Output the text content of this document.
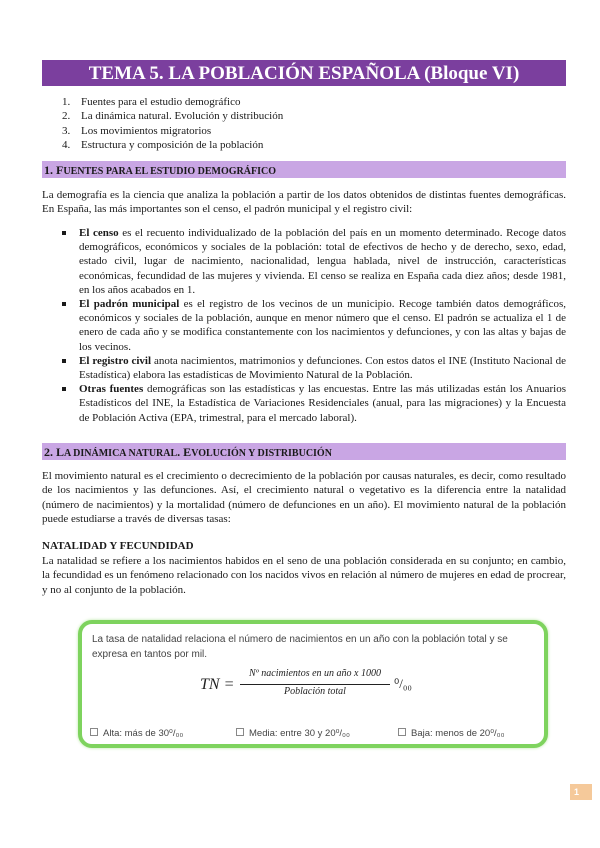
TEMA 5. LA POBLACIÓN ESPAÑOLA (Bloque VI)
1. Fuentes para el estudio demográfico
2. La dinámica natural. Evolución y distribución
3. Los movimientos migratorios
4. Estructura y composición de la población
1. FUENTES PARA EL ESTUDIO DEMOGRÁFICO

La demografía es la ciencia que analiza la población a partir de los datos obtenidos de distintas fuentes demográficas. En España, las más importantes son el censo, el padrón municipal y el registro civil:

El censo es el recuento individualizado de la población del país en un momento determinado. Recoge datos demográficos, económicos y sociales de la población: total de efectivos de hecho y de derecho, sexo, edad, estado civil, lugar de nacimiento, nacionalidad, lengua hablada, nivel de instrucción, características económicas, fecundidad de las mujeres y vivienda. El censo se realiza en España cada diez años; desde 1981, en los años acabados en 1.
El padrón municipal es el registro de los vecinos de un municipio. Recoge también datos demográficos, económicos y sociales de la población, aunque en menor número que el censo. El padrón se actualiza el 1 de enero de cada año y se modifica constantemente con los nacimientos y defunciones, y con las altas y bajas de los vecinos.
El registro civil anota nacimientos, matrimonios y defunciones. Con estos datos el INE (Instituto Nacional de Estadística) elabora las estadísticas de Movimiento Natural de la Población.
Otras fuentes demográficas son las estadísticas y las encuestas. Entre las más utilizadas están los Anuarios Estadísticos del INE, la Estadística de Variaciones Residenciales (anual, para las migraciones) y la Encuesta de Población Activa (EPA, trimestral, para el mercado laboral).
2. LA DINÁMICA NATURAL. EVOLUCIÓN Y DISTRIBUCIÓN

El movimiento natural es el crecimiento o decrecimiento de la población por causas naturales, es decir, como resultado de los nacimientos y las defunciones. Así, el crecimiento natural o vegetativo es la diferencia entre la natalidad (número de nacimientos) y la mortalidad (número de defunciones en un año). El movimiento natural de la población puede estudiarse a través de diversas tasas:

NATALIDAD Y FECUNDIDAD

La natalidad se refiere a los nacimientos habidos en el seno de una población considerada en su conjunto; en cambio, la fecundidad es un fenómeno relacionado con los nacidos vivos en relación al número de mujeres en edad de procrear, y no al conjunto de la población.

La tasa de natalidad relaciona el número de nacimientos en un año con la población total y se expresa en tantos por mil.
TN =
Nº nacimientos en un año x 1000
Población total
⁰/₀₀
Alta: más de 30⁰/₀₀	Media: entre 30 y 20⁰/₀₀	Baja: menos de 20⁰/₀₀
1
